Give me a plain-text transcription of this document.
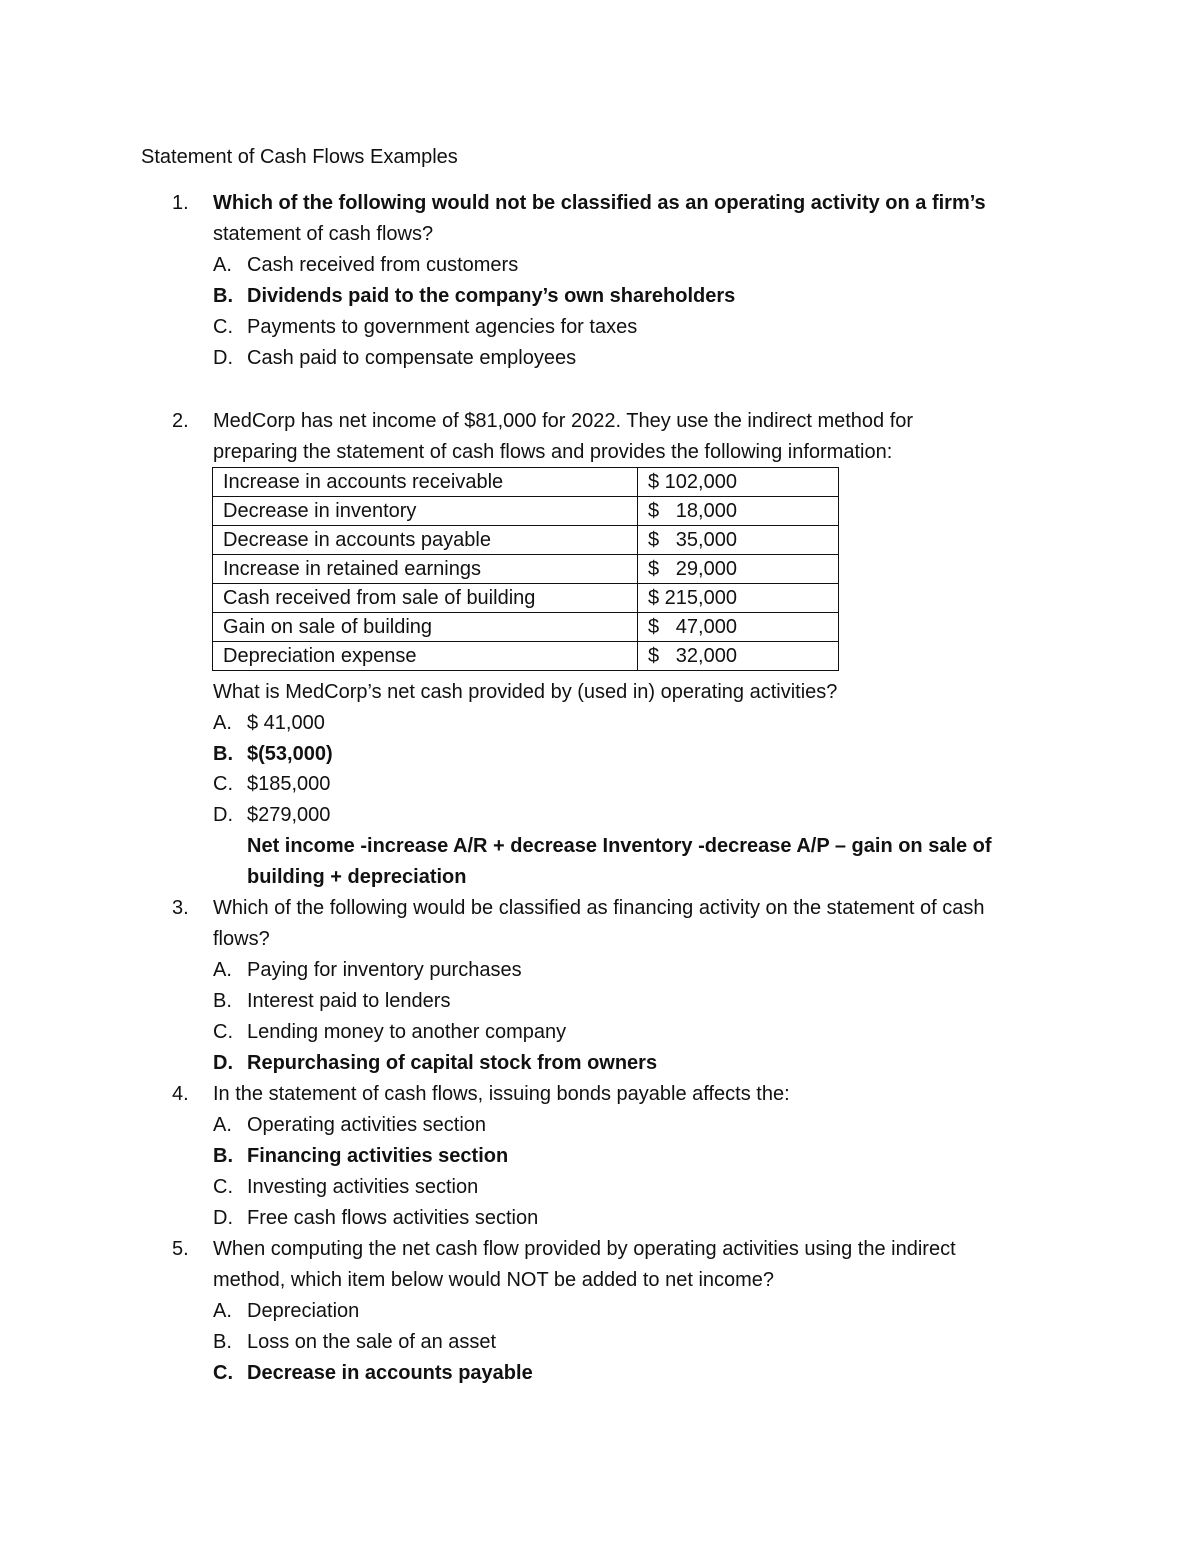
Statement of Cash Flows Examples
1. Which of the following would not be classified as an operating activity on a firm’s
statement of cash flows?
A. Cash received from customers
B. Dividends paid to the company’s own shareholders
C. Payments to government agencies for taxes
D. Cash paid to compensate employees
2. MedCorp has net income of $81,000 for 2022. They use the indirect method for
preparing the statement of cash flows and provides the following information:
Increase in accounts receivable	$ 102,000
Decrease in inventory	$   18,000
Decrease in accounts payable	$   35,000
Increase in retained earnings	$   29,000
Cash received from sale of building	$ 215,000
Gain on sale of building	$   47,000
Depreciation expense	$   32,000
What is MedCorp’s net cash provided by (used in) operating activities?
A. $ 41,000
B. $(53,000)
C. $185,000
D. $279,000
Net income -increase A/R + decrease Inventory -decrease A/P – gain on sale of
building + depreciation
3. Which of the following would be classified as financing activity on the statement of cash
flows?
A. Paying for inventory purchases
B. Interest paid to lenders
C. Lending money to another company
D. Repurchasing of capital stock from owners
4. In the statement of cash flows, issuing bonds payable affects the:
A. Operating activities section
B. Financing activities section
C. Investing activities section
D. Free cash flows activities section
5. When computing the net cash flow provided by operating activities using the indirect
method, which item below would NOT be added to net income?
A. Depreciation
B. Loss on the sale of an asset
C. Decrease in accounts payable
